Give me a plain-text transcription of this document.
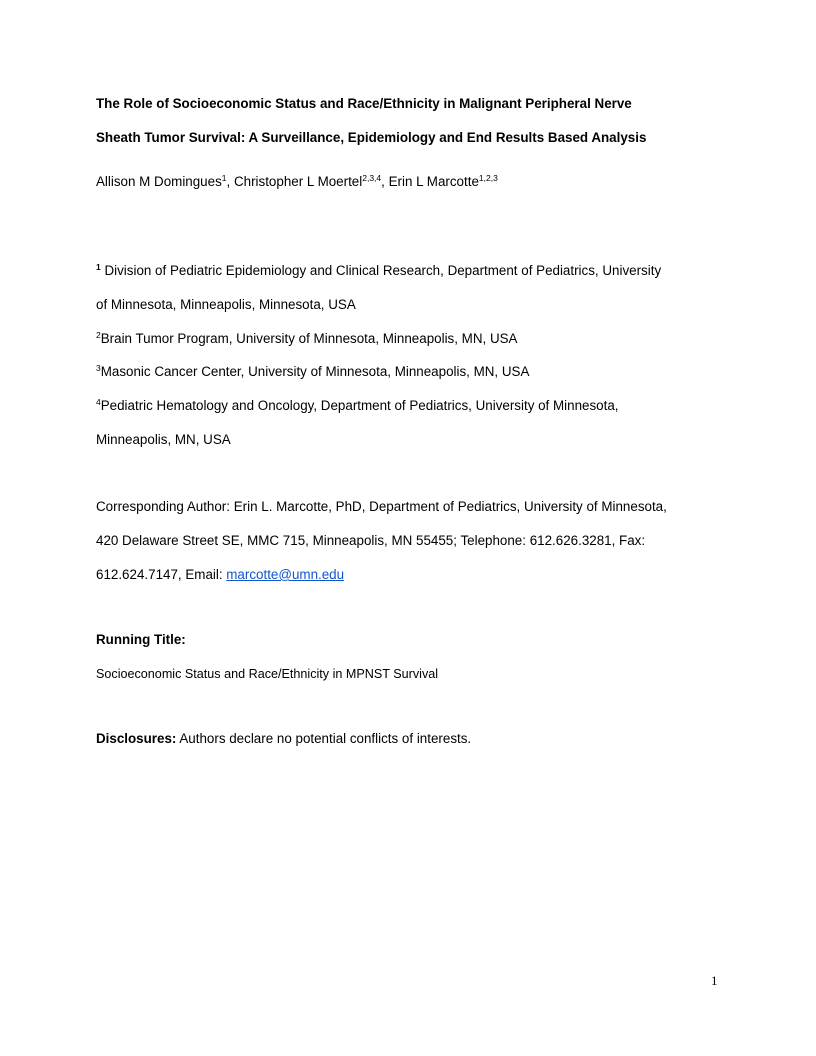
The Role of Socioeconomic Status and Race/Ethnicity in Malignant Peripheral Nerve
Sheath Tumor Survival: A Surveillance, Epidemiology and End Results Based Analysis
Allison M Domingues$^1$, Christopher L Moertel$^{2,3,4}$, Erin L Marcotte$^{1,2,3}$
$^1$ Division of Pediatric Epidemiology and Clinical Research, Department of Pediatrics, University
of Minnesota, Minneapolis, Minnesota, USA
$^2$Brain Tumor Program, University of Minnesota, Minneapolis, MN, USA
$^3$Masonic Cancer Center, University of Minnesota, Minneapolis, MN, USA
$^4$Pediatric Hematology and Oncology, Department of Pediatrics, University of Minnesota,
Minneapolis, MN, USA
Corresponding Author: Erin L. Marcotte, PhD, Department of Pediatrics, University of Minnesota,
420 Delaware Street SE, MMC 715, Minneapolis, MN 55455; Telephone: 612.626.3281, Fax:
612.624.7147, Email: marcotte@umn.edu
Running Title:
Socioeconomic Status and Race/Ethnicity in MPNST Survival
Disclosures: Authors declare no potential conflicts of interests.
1
